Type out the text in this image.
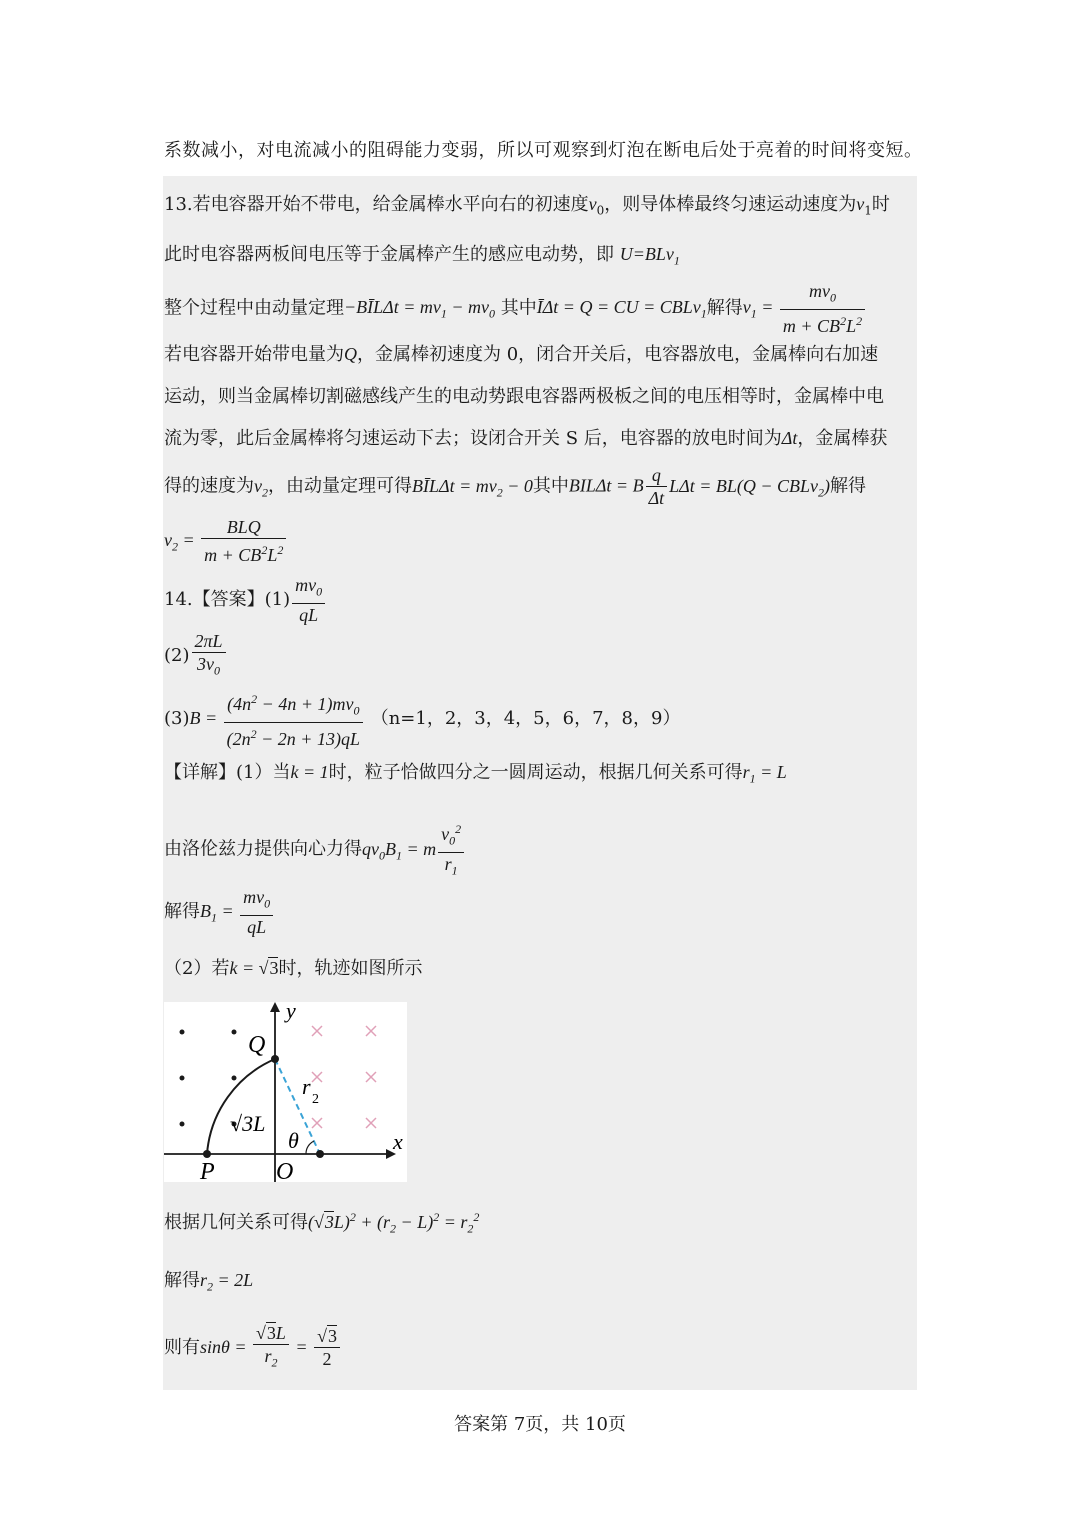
系数减小，对电流减小的阻碍能力变弱，所以可观察到灯泡在断电后处于亮着的时间将变短。
13.若电容器开始不带电，给金属棒水平向右的初速度$v_0$，则导体棒最终匀速运动速度为$v_1$时
此时电容器两板间电压等于金属棒产生的感应电动势，即 U=BLv$_1$
整个过程中由动量定理−BĪLΔt = $mv_1 - mv_0$ 其中ĪΔt = Q = CU = CBLv$_1$解得$v_1 = \frac{mv_0}{m + CB^2L^2}$
若电容器开始带电量为Q，金属棒初速度为 0，闭合开关后，电容器放电，金属棒向右加速
运动，则当金属棒切割磁感线产生的电动势跟电容器两极板之间的电压相等时，金属棒中电
流为零，此后金属棒将匀速运动下去；设闭合开关 S 后，电容器的放电时间为Δt，金属棒获
得的速度为$v_2$，由动量定理可得BĪLΔt = $mv_2 - 0$其中BILΔt = B $\frac{q}{\Delta t}$ LΔt = BL(Q − CBLv$_2$)解得
$v_2 = \frac{\text{BLQ}}{m + CB^2L^2}$
14.【答案】$(1) \frac{mv_0}{qL}$
$(2) \frac{2\pi L}{3v_0}$
$(3)B = \frac{(4n^2 - 4n + 1)mv_0}{(2n^2 - 2n + 13)qL} (n=1$，2，3，4，5，6，7，8，9）
【详解】(1）当k = 1时，粒子恰做四分之一圆周运动，根据几何关系可得$r_1 = L$
由洛伦兹力提供向心力得$qv_0B_1 = m \frac{v_0^2}{r_1}$
解得$B_1 = \frac{mv_0}{qL}$
（2）若k = √3时，轨迹如图所示
y
x
Q
P	O
r
2
√3L
θ
根据几何关系可得$(√3L)^2 + (r_2 - L)^2 = r_2^2$
解得$r_2 = 2L$
则有$\sin\theta = \frac{√3L}{r_2} = \frac{√3}{2}$
答案第 7页，共 10页
